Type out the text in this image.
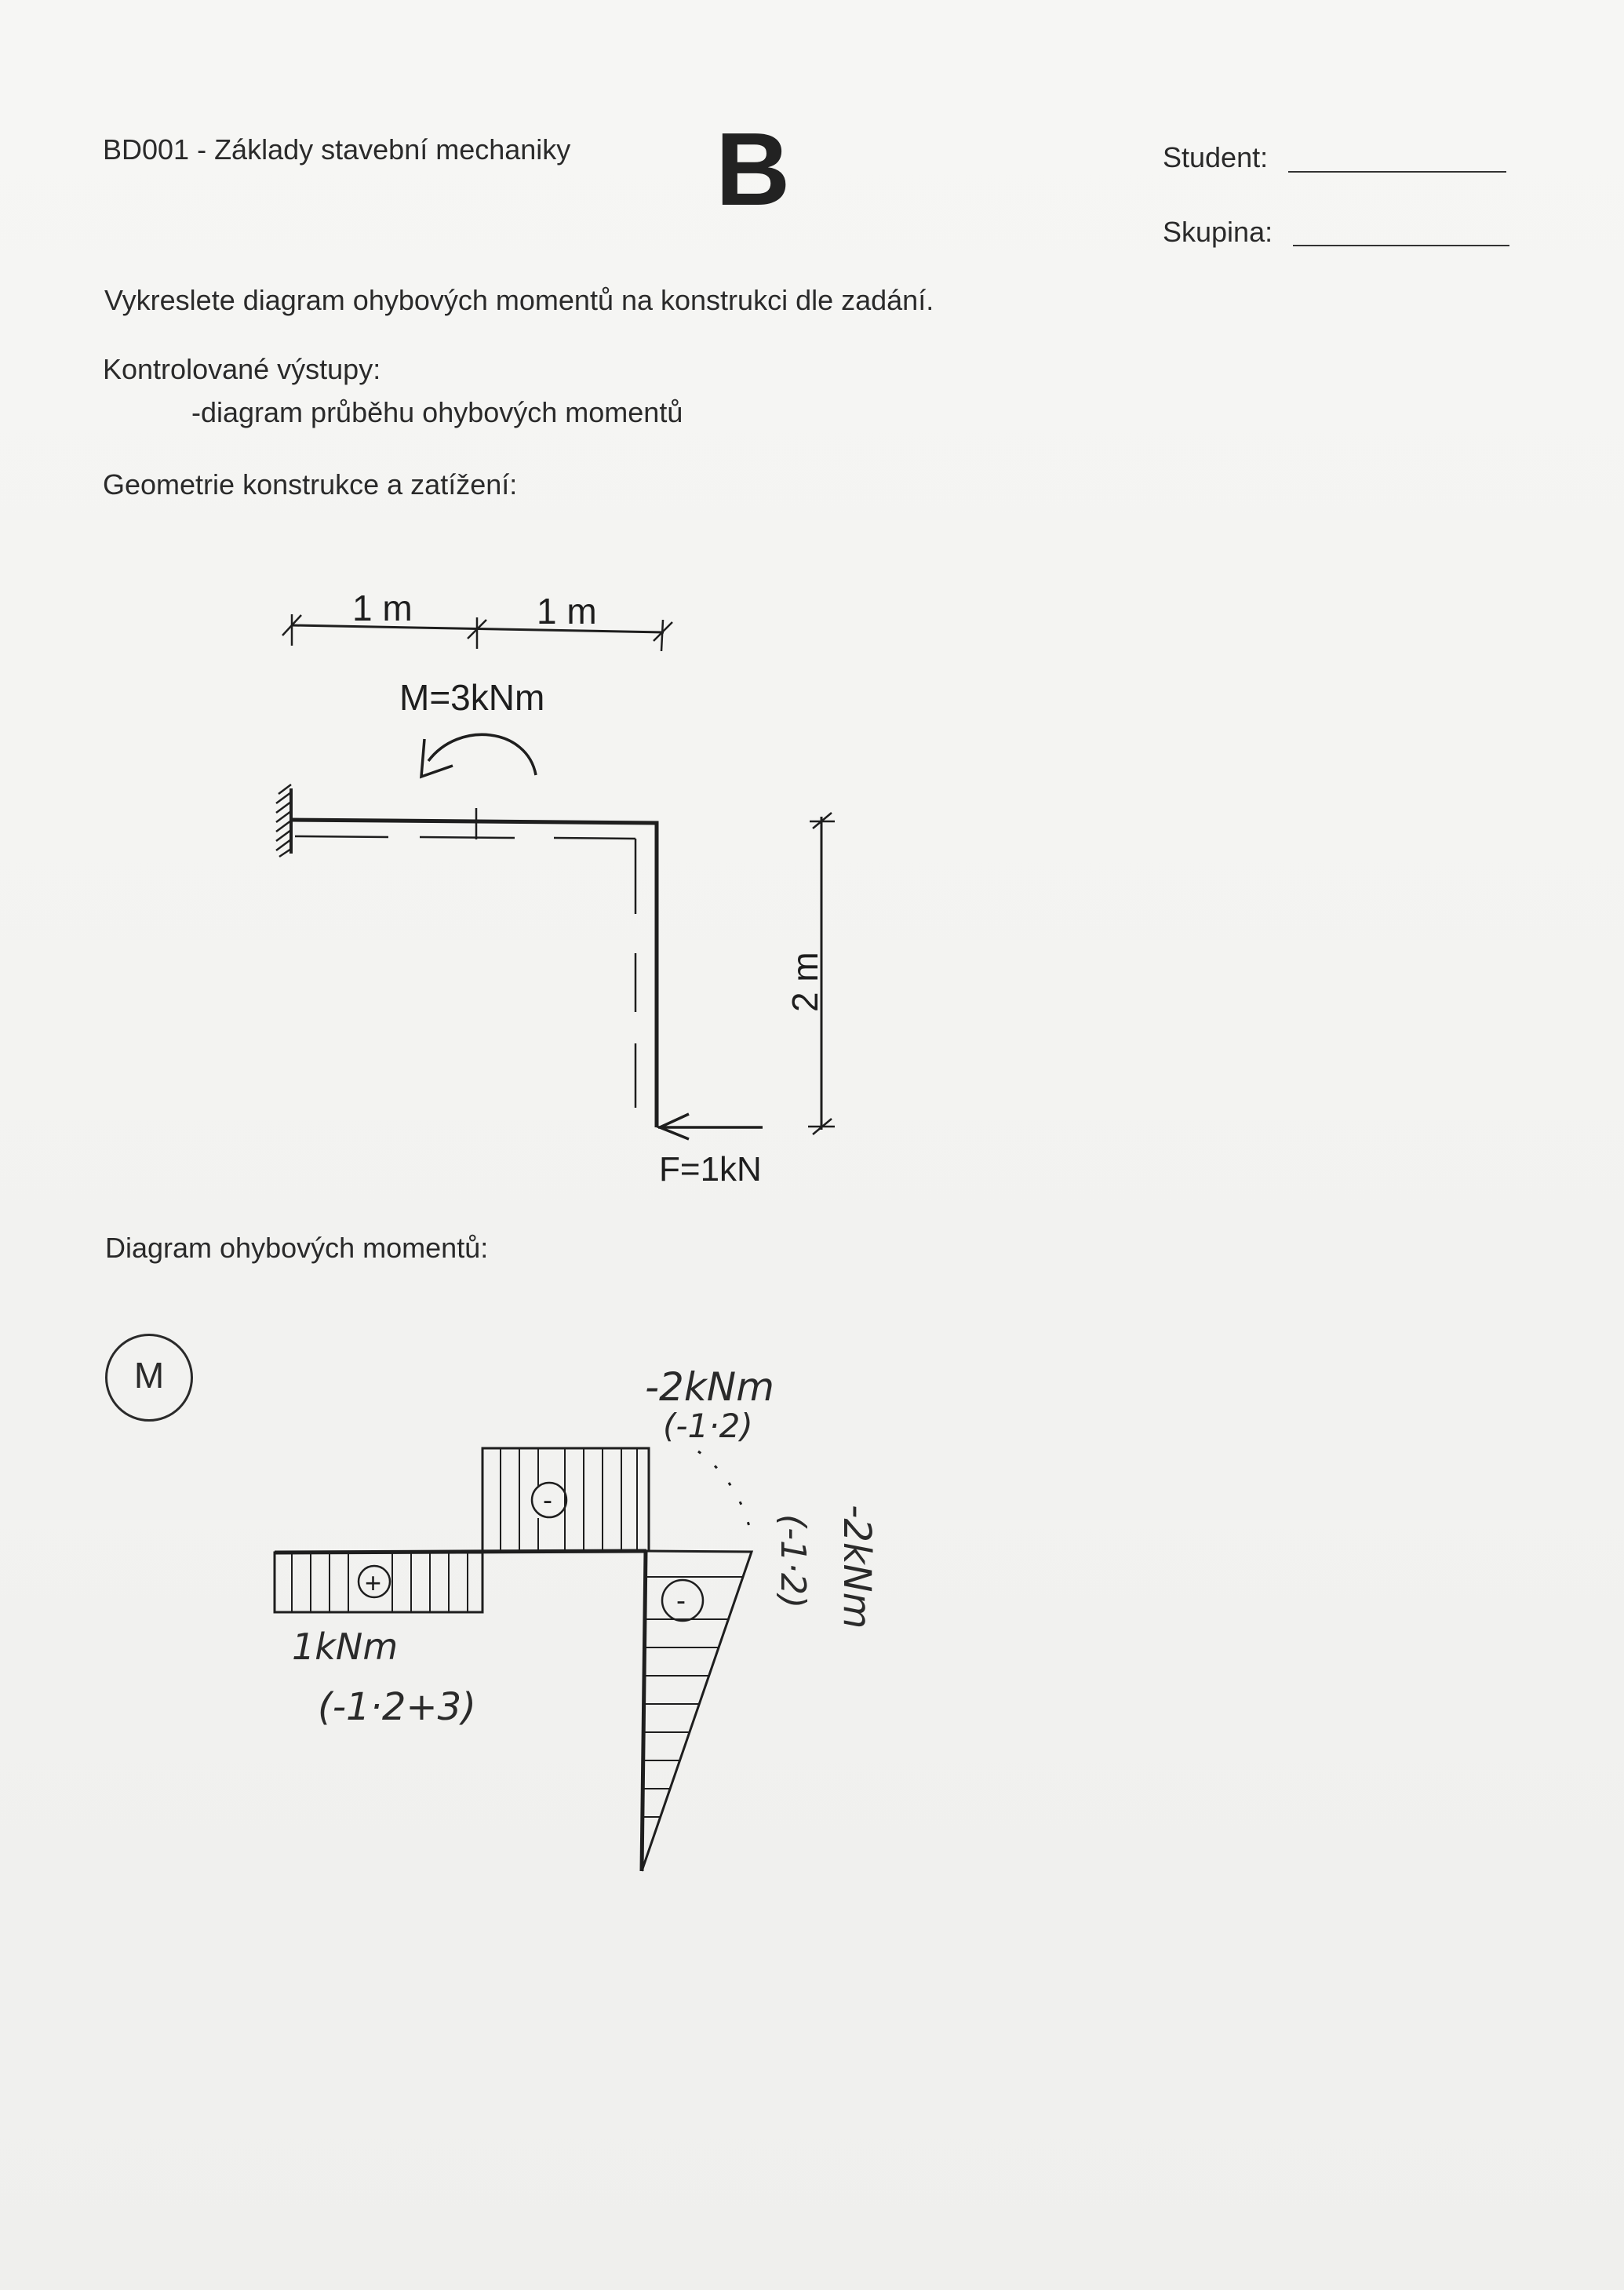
BD001 - Základy stavební mechaniky B	Student:
Skupina:
Vykreslete diagram ohybových momentů na konstrukci dle zadání.
Kontrolované výstupy:
-diagram průběhu ohybových momentů
Geometrie konstrukce a zatížení:
1 m	1 m
M=3kNm
F=1kN
2 m
Diagram ohybových momentů:
M
+
-
-
-2kNm
(-1·2)
(-1·2) -2kNm
1kNm
(-1·2+3)
